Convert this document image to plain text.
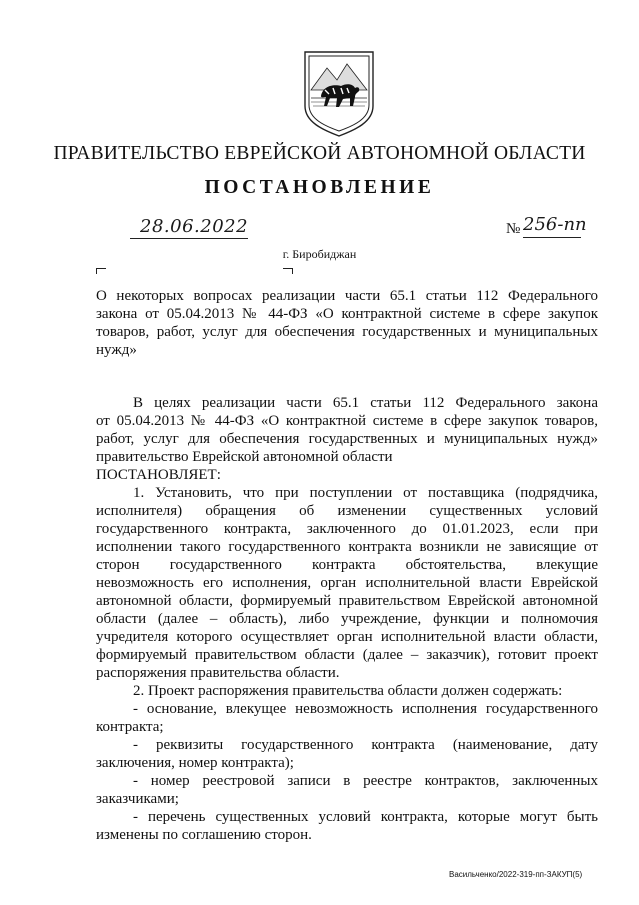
ПРАВИТЕЛЬСТВО ЕВРЕЙСКОЙ АВТОНОМНОЙ ОБЛАСТИ
ПОСТАНОВЛЕНИЕ
28.06.2022	№ 256-пп
г. Биробиджан
О некоторых вопросах реализации части 65.1 статьи 112 Федерального
закона от 05.04.2013 № 44-ФЗ «О контрактной системе в сфере закупок
товаров, работ, услуг для обеспечения государственных и муниципальных
нужд»
В целях реализации части 65.1 статьи 112 Федерального закона
от 05.04.2013 № 44-ФЗ «О контрактной системе в сфере закупок товаров,
работ, услуг для обеспечения государственных и муниципальных нужд»
правительство Еврейской автономной области
ПОСТАНОВЛЯЕТ:
1. Установить, что при поступлении от поставщика (подрядчика,
исполнителя) обращения об изменении существенных условий
государственного контракта, заключенного до 01.01.2023, если при
исполнении такого государственного контракта возникли не зависящие от
сторон государственного контракта обстоятельства, влекущие
невозможность его исполнения, орган исполнительной власти Еврейской
автономной области, формируемый правительством Еврейской автономной
области (далее – область), либо учреждение, функции и полномочия
учредителя которого осуществляет орган исполнительной власти области,
формируемый правительством области (далее – заказчик), готовит проект
распоряжения правительства области.
2. Проект распоряжения правительства области должен содержать:
- основание, влекущее невозможность исполнения государственного
контракта;
- реквизиты государственного контракта (наименование, дату
заключения, номер контракта);
- номер реестровой записи в реестре контрактов, заключенных
заказчиками;
- перечень существенных условий контракта, которые могут быть
изменены по соглашению сторон.
Васильченко/2022-319-пп-ЗАКУП(5)
